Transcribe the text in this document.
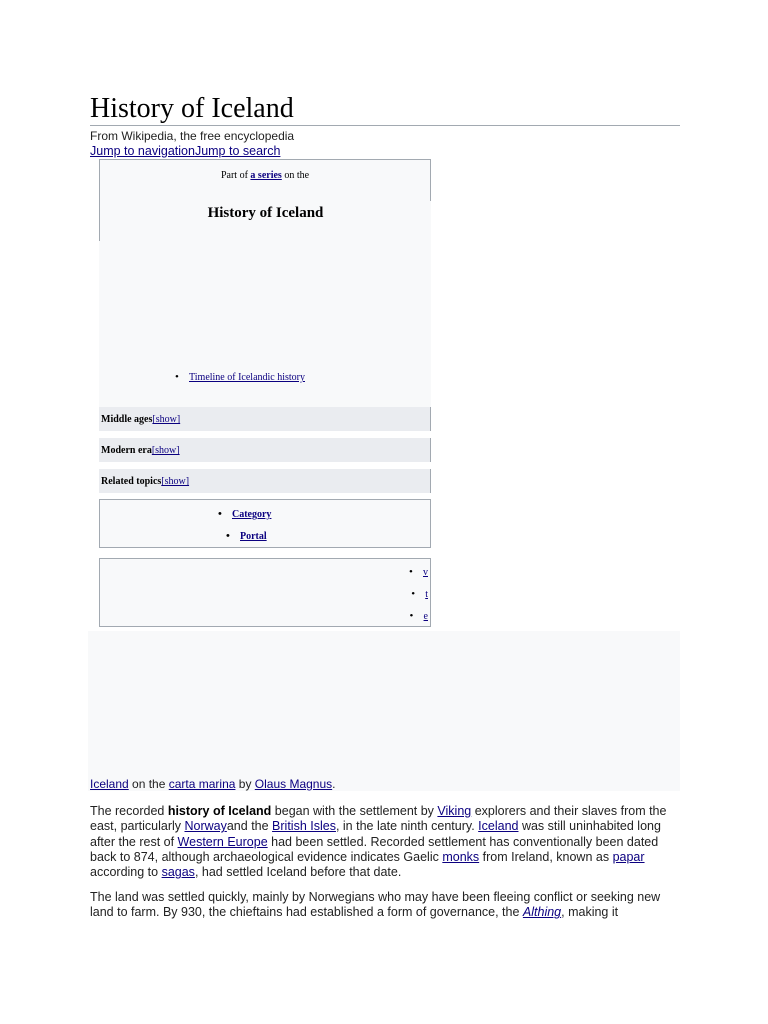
History of Iceland
From Wikipedia, the free encyclopedia
Jump to navigationJump to search
Part of a series on the
History of Iceland
• Timeline of Icelandic history
Middle ages[show]
Modern era[show]
Related topics[show]
• Category
• Portal
• v
• t
• e
Iceland on the carta marina by Olaus Magnus.

The recorded history of Iceland began with the settlement by Viking explorers and their slaves from the east, particularly Norwayand the British Isles, in the late ninth century. Iceland was still uninhabited long after the rest of Western Europe had been settled. Recorded settlement has conventionally been dated back to 874, although archaeological evidence indicates Gaelic monks from Ireland, known as papar according to sagas, had settled Iceland before that date.

The land was settled quickly, mainly by Norwegians who may have been fleeing conflict or seeking new land to farm. By 930, the chieftains had established a form of governance, the Althing, making it
